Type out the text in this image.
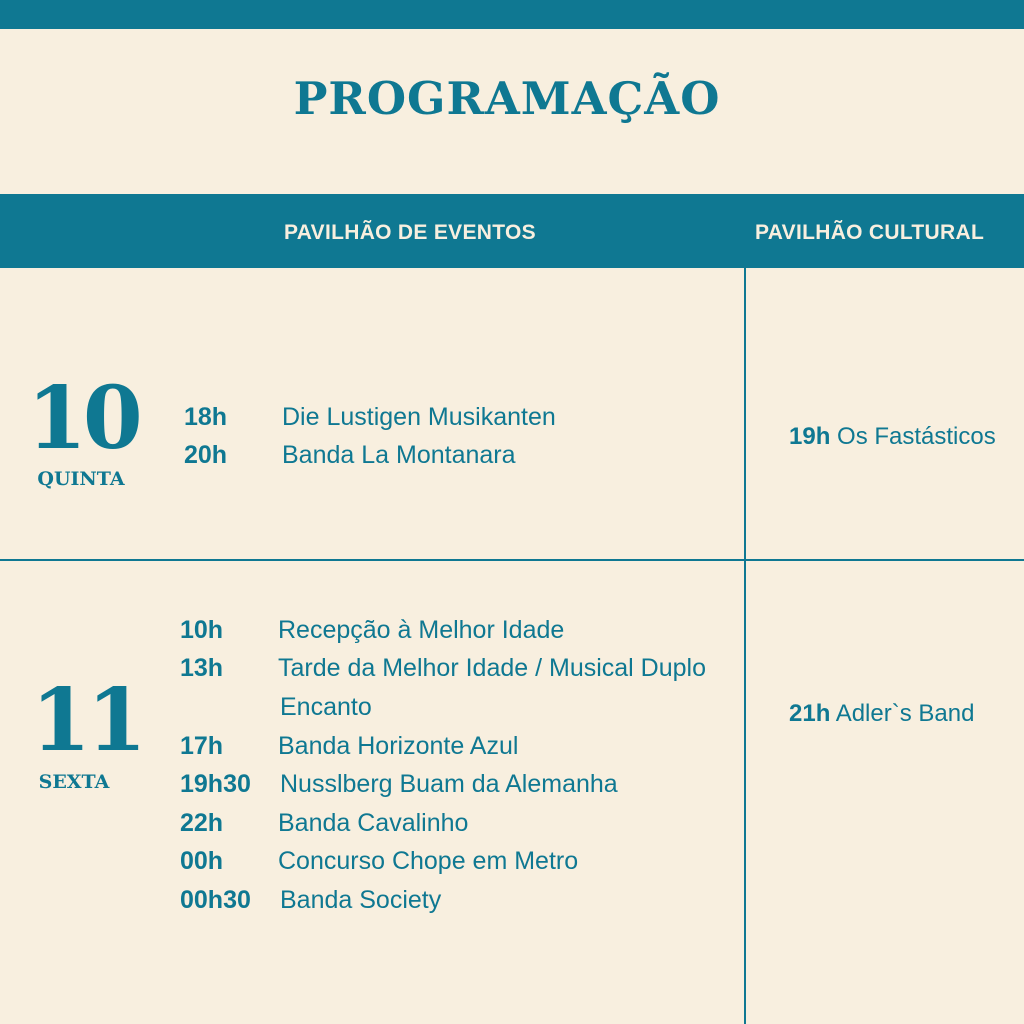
PROGRAMAÇÃO
PAVILHÃO DE EVENTOS	PAVILHÃO CULTURAL
10
QUINTA
18h Die Lustigen Musikanten
20h Banda La Montanara
19h Os Fastásticos
11
SEXTA
10h Recepção à Melhor Idade
13h Tarde da Melhor Idade / Musical Duplo
Encanto
17h Banda Horizonte Azul
19h30 Nusslberg Buam da Alemanha
22h Banda Cavalinho
00h Concurso Chope em Metro
00h30 Banda Society
21h Adler`s Band
